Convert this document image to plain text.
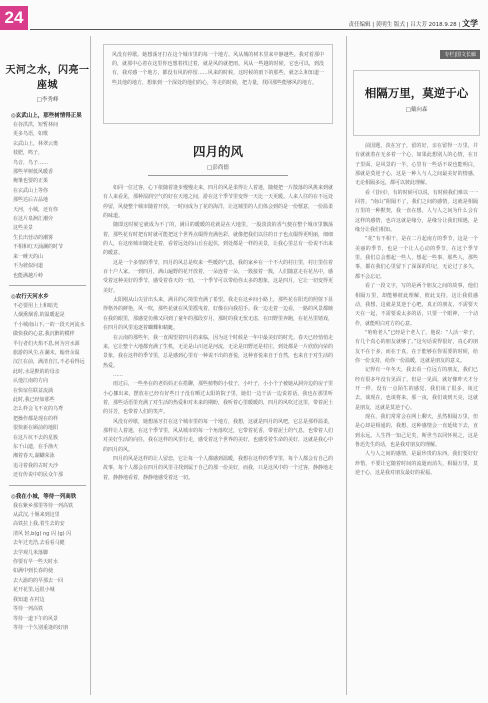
24	责任编辑 | 黄明生 版式 | 吕大芳 2018.9.28 | 文学
天河之水，闪亮一座城
□李秀峰
◎玄武山上，那些树情得正果
在谷洪洪，短暂林间
更多鸟语，如歌
玄武山上，林翠云奥
枝肥，鸣子，
鸟音，鸟子……
那些苹树低风暖香
俺雏也要的正果
在玄武山上等你
那些达后古品地
天河，小城，还有你
在这片泉涧汇潮旁
这些美景
生长出营动的潮雾
不相和红天涌澜的时节
来一睡天的山
不为彼似问道
也能满越斤岭
◎农行天河水乡
不必要用上上和暗光
人烟熏烟香,的温暖起是
千小城南山下,一的一段天河流水
做快我的心意,我沉醉的模样
半行者们火焰不息,何为宫水源
旅游的风尘,在澜末，翰骨余温
汉江在前，满清自江,不必看得远
此时,水是默的的母亲
认他江南的方向
在快谊住联盆流淌
此时,我已经如那些
怎么样会飞不克的乌鸢
把操作都是现在的样
很快新在顾前的地阳
在这片坑不去的星簇
东千山遗，在手渔火
湘着春天,湖蝴荣泳
追寻着我的古时天沙
还有传说中的民众午那
◎我在小城，等待一列高铁
我在紫乡那里等待一列高铁
从武汉,十堰来到这里
高铁拉上我,着生去的安
清风 轻,b(g) ng 闪 (g) 闪
去年过光浩,去看看马健
去学观几米落脚
你要有早一些天时水
如满中到长春的使
去大渝的的早那去一回
花开花里,远很小城
我知道 在村边
等待一列高铁
等待一道下午的风景
等待一个久别重逢的好朋
风没有停歇。她想荡牙打在这个城市里的每一个地方。风从城的树木里来中静越些。我对着那中的，就那中心着在这里你也想着找过着，就是风的就把雨，风从一些越的时候，它也可以，到没有，我对感一个地方，都没有风的停留……风来的时候，这时候的雨下的那些，就怎么和知道一些其他的地方，想象到一个深处的他们的心，等走的时候，把力量，找回那些能够风的地方。
四月的风
□彭尚德

如同一位过客，心下依随着逢步慢慢走来，四月的风是柔得让人着迷，随便把一片散落的风挑来到就有人来看见，那种湿润空气的好在天地之间，游在这个季节里变得一天比一天更暖。人来人往的在不远处停留，风使整个城市随着开放，一时间成为了花的海洋，让这城里的人们体会到的是一份惬意，一份温柔的味道。

随即这时候它就成为不了的，满目的暖暖的花就是在大地里，一股淡淡的香气便在整个城市里飘荡着，那些花有时把有时就可能把这个世界点缀得充满色彩，就像把我们以往的日子也点缀得更明丽，细细的人，在这座城市随处走着，看着远处的山丘在起伏，到处都是一样的美景，让我心里总有一份说不出来的暖意。

这是一个多情的季节，四月的风总是吹来一些暖的气息，我的家乡在一个不大的村庄里，村庄里住着百十户人家。一到四月，满山遍野的花开放着，一朵连着一朵，一簇接着一簇，人们随意走在花丛中，感受着这种美好的季节，感受着春天的一切，一个季节可以带给你太多的想象，这是四月，它让一切变得更美好。

太阳刚从山尖冒出头来，满目的心境里充满了希望。我走在这乡间小路上，那些花在阳光的照射下显得格外的鲜艳，风一吹，那些花就在风里摇曳着，好像在向我招手。我一边走着一边看，一路的风景都映在我的眼里，那感觉仿佛又回到了童年的那段岁月，那时的我无忧无虑，在田野里奔跑，在花丛里嬉戏，在四月的风里追逐着蝴蝶和蜻蜓。

在云南的那些年，我一直渴望着四月的来临，因为这个时候是一年中最美好的时光。春天已经悄悄走来，它让整个大地都充满了生机，无论是山川还是河流，无论是田野还是村庄，到处都是一片欣欣向荣的景象，我在这样的季节里，总是感到心里有一种说不出的喜悦，这种喜悦来自于自然，也来自于对生活的热爱。

……

雨过后，一些坐在的老妈妈正在搭聊，那些植物的小枝子，小叶子，小小个子被她从洞旁边的房子里小心挪出来，摆放在已经有好些日子没有晒过太阳的院子里，她们一边干活一边说着话，我也在那里听着，那些话语里充满了对生活的热爱和对未来的期盼，我听着心里暖暖的，四月的风吹过这里，带着泥土的芬芳，也带着人们的笑声。

风没有停歇，她想荡牙打在这个城市里的每一个地方，我想，这就是四月的风吧，它总是那样温柔，那样让人着迷，在这个季节里，风从城市的每一个角落吹过，它带着花香，带着泥土的气息，也带着人们对美好生活的向往，我在这样的风里行走，感受着这个世界的美好，也感受着生命的美好，这就是我心中的四月的风。

四月的风是这样的让人留恋，它让每一个人都感到温暖，我想在这样的季节里，每个人都会有自己的故事，每个人都会在四月的风里寻找到属于自己的那一份美好，而我，只是这风中的一个过客，静静地走着，静静地看着，静静地感受着这一切。

专栏|国文长廊
相隔万里，莫逆于心
□戴向森

前国题，淡在宫子，留的好，亲在留得一万里，并有就就着在无多着一个心，如果此想别人的心情，在日子里面，是风景的一半，心里有一些话不说也能明白，那就是莫逆于心，这是一种人与人之间最美好的情感，无论相隔多远，都可以彼此理解。

看《昔问》，有的时候可以说，有时候我们难以一一回答，“南山”阻隔不了，我们之间的感情，这就是相隔万里的一种默契，我一直在想，人与人之间为什么会有这样的感情，也许这就是缘分，是缘分让我们相遇，是缘分让我们相知。

“花”有不相干，是在二月起南方的季节，这是一个美丽的季节，也是一个让人心动的季节，在这个季节里，我们总会想起一些人，想起一些事，那些人，那些事，都在我们心里留下了深深的印记，无论过了多久，都不会忘记。

看了一段文字，写的是两个朋友之间的故事，他们相隔万里，却能够彼此理解，彼此支持，这让我很感动，我想，这就是莫逆于心吧，真正的朋友，不需要天天在一起，不需要说太多的话，只要一个眼神，一个动作，就能明白对方的心意。

“哈哈老人”已经是个老人了，他说：“人活一辈子，有几个真心的朋友就够了。”这句话说得很好，真心的朋友不在于多，而在于真，在于能够在你需要的时候，给你一份支持，给你一份温暖，这就是朋友的意义。

记得有一年冬天，我去看一位远方的朋友，我们已经有很多年没有见面了，但是一见面，就好像昨天才分开一样，没有一点陌生的感觉，我们谈了很多，谈过去，谈现在，也谈将来，那一夜，我们谈到天亮，这就是朋友，这就是莫逆于心。

现在，我们常常会在网上聊天，虽然相隔万里，但是心却是相通的，我想，这种感情会一直延续下去，直到永远。人生得一知己足矣，斯世当以同怀视之，这是鲁迅先生的话，也是我对朋友的理解。

人与人之间的感情，是最珍贵的东西，我们要好好珍惜，不要让它随着时间的流逝而消失，相隔万里，莫逆于心，这是我对朋友最好的祝福。
